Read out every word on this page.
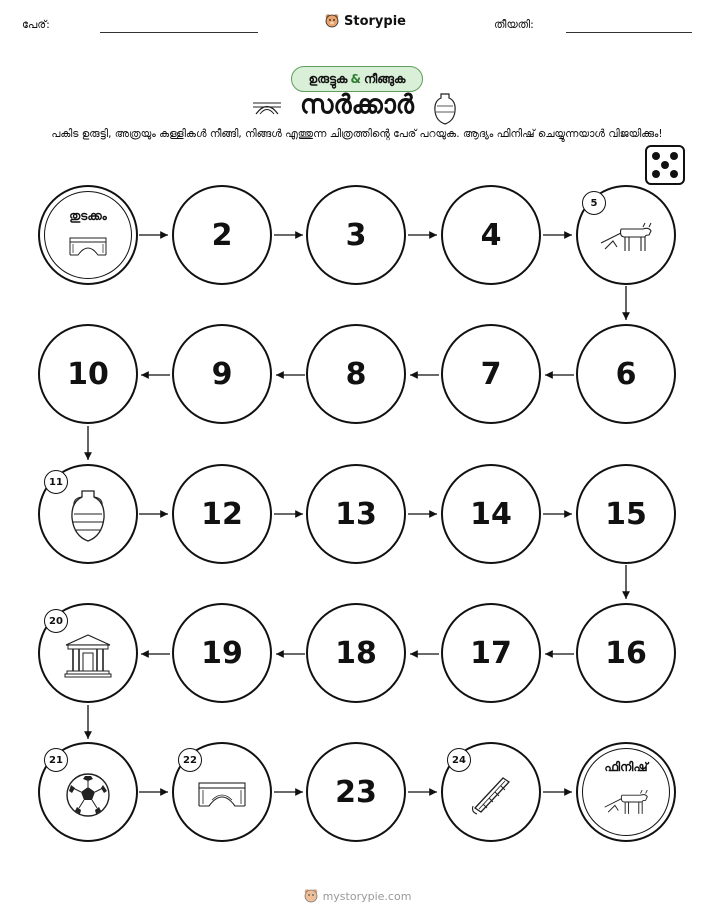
പേര്:	Storypie	തീയതി:
ഉരുട്ടുക & നീങ്ങുക
സർക്കാർ
പകിട ഉരുട്ടി, അത്രയും കള്ളികൾ നീങ്ങി, നിങ്ങൾ എത്തുന്ന ചിത്രത്തിന്റെ പേര് പറയുക. ആദ്യം ഫിനിഷ് ചെയ്യുന്നയാൾ വിജയിക്കും!
തുടക്കം
2	3	4
5
10	9	8	7	6
11
12	13	14	15
20
19	18	17	16
21	22
23
24	ഫിനിഷ്
mystorypie.com
